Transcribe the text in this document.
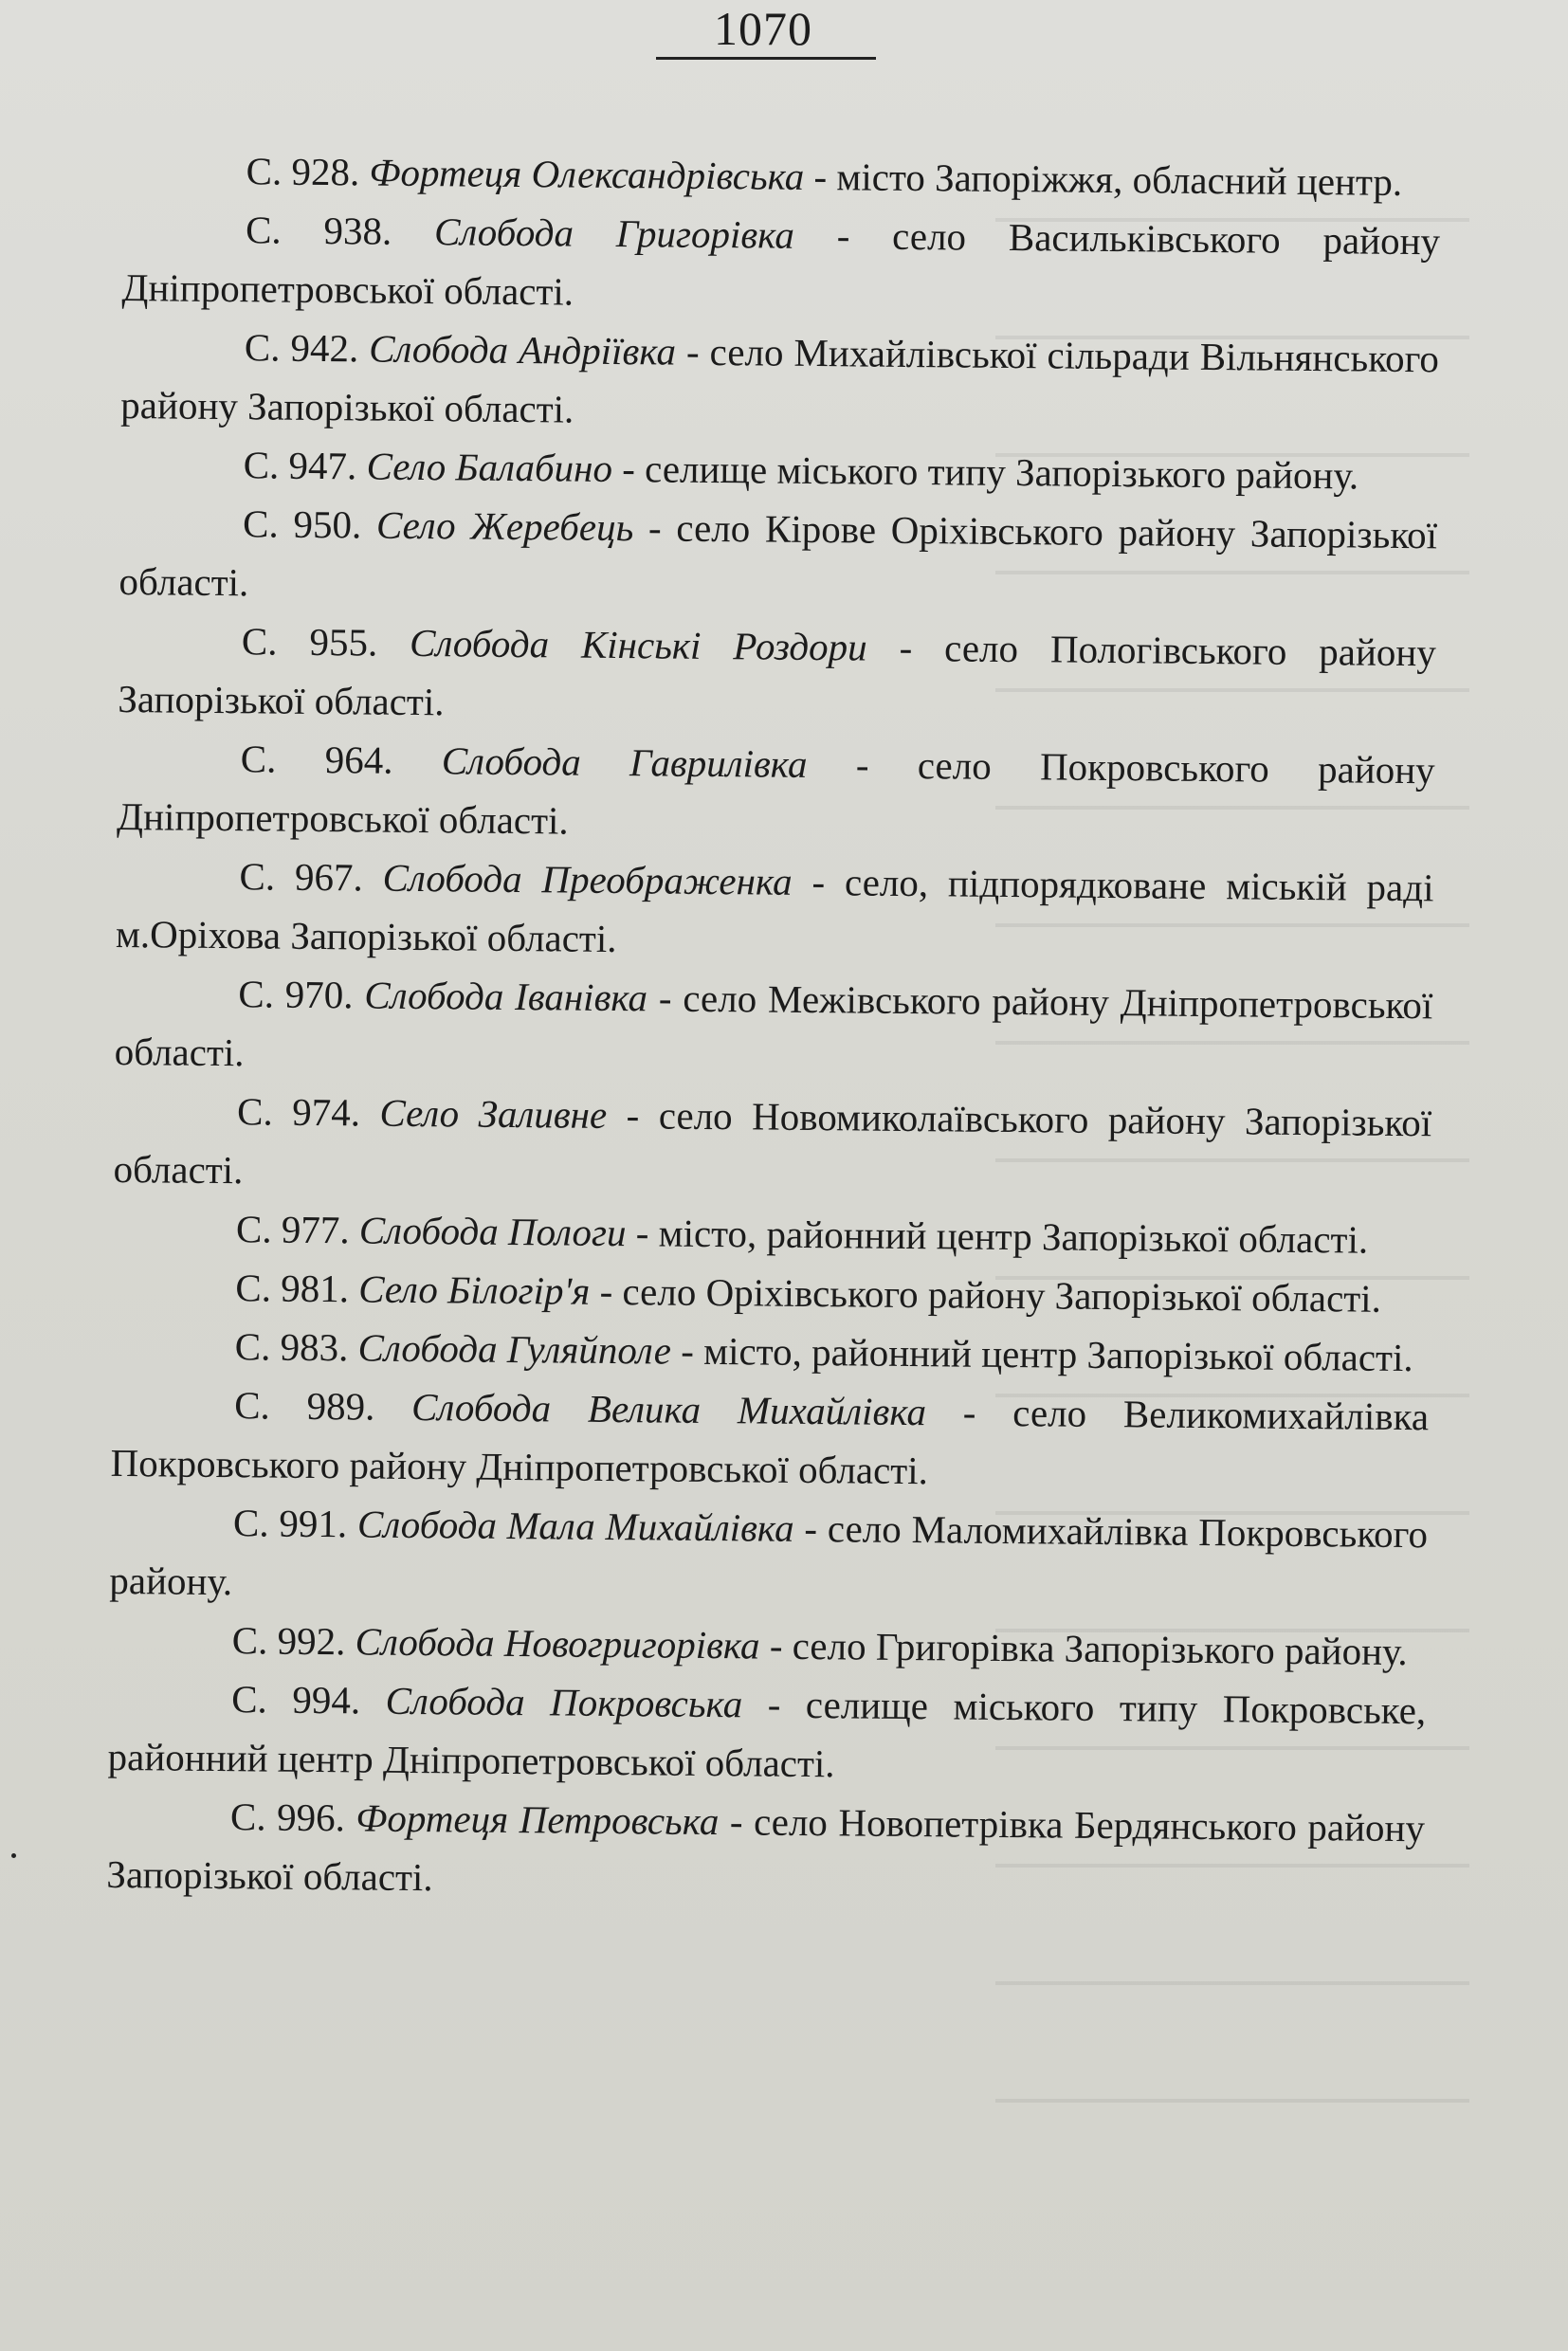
1070

С. 928. Фортеця Олександрівська - місто Запоріжжя, обласний центр.

С. 938. Слобода Григорівка - село Васильківського району Дніпропетровської області.

С. 942. Слобода Андріївка - село Михайлівської сільради Вільнянського району Запорізької області.

С. 947. Село Балабино - селище міського типу Запорізького району.

С. 950. Село Жеребець - село Кірове Оріхівського району Запорізької області.

С. 955. Слобода Кінські Роздори - село Пологівського району Запорізької області.

С. 964. Слобода Гаврилівка - село Покровського району Дніпропетровської області.

С. 967. Слобода Преображенка - село, підпорядковане міській раді м.Оріхова Запорізької області.

С. 970. Слобода Іванівка - село Межівського району Дніпропетровської області.

С. 974. Село Заливне - село Новомиколаївського району Запорізької області.

С. 977. Слобода Пологи - місто, районний центр Запорізької області.

С. 981. Село Білогір'я - село Оріхівського району Запорізької області.

С. 983. Слобода Гуляйполе - місто, районний центр Запорізької області.

С. 989. Слобода Велика Михайлівка - село Великомихайлівка Покровського району Дніпропетровської області.

С. 991. Слобода Мала Михайлівка - село Маломихайлівка Покровського району.

С. 992. Слобода Новогригорівка - село Григорівка Запорізького району.

С. 994. Слобода Покровська - селище міського типу Покровське, районний центр Дніпропетровської області.

С. 996. Фортеця Петровська - село Новопетрівка Бердянського району Запорізької області.
